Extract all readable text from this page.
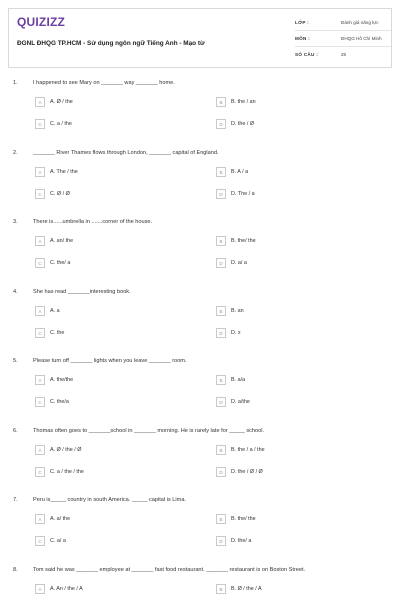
QUIZIZZ
ĐGNL ĐHQG TP.HCM - Sử dụng ngôn ngữ Tiếng Anh - Mạo từ
LỚP :	Đánh giá năng lực
MÔN :	ĐHQG Hồ Chí Minh
SỐ CÂU :	25
1.	I happened to see Mary on _______ way _______ home.
A	A. Ø / the	B	B. the / an
C	C. a / the	D	D. the / Ø
2.	_______ River Thames flows through London, _______ capital of England.
A	A. The / the	B	B. A / a
C	C. Ø / Ø	D	D. The / a
3.	There is......umbrella in .......corner of the house.
A	A. an/ the	B	B. the/ the
C	C. the/ a	D	D. a/ a
4.	She has read _______interesting book.
A	A. a	B	B. an
C	C. the	D	D. x
5.	Please turn off _______ lights when you leave _______ room.
A	A. the/the	B	B. a/a
C	C. the/a	D	D. a/the
6.	Thomas often goes to _______school in _______ morning. He is rarely late for _____ school.
A	A. Ø / the / Ø	B	B. the / a / the
C	C. a / the / the	D	D. the / Ø / Ø
7.	Peru is_____ country in south America. _____ capital is Lima.
A	A. a/ the	B	B. the/ the
C	C. a/ a	D	D. the/ a
8.	Tom said he was _______ employee at _______ fast food restaurant. _______ restaurant is on Boston Street.
A	A. An / the / A	B	B. Ø / the / A
